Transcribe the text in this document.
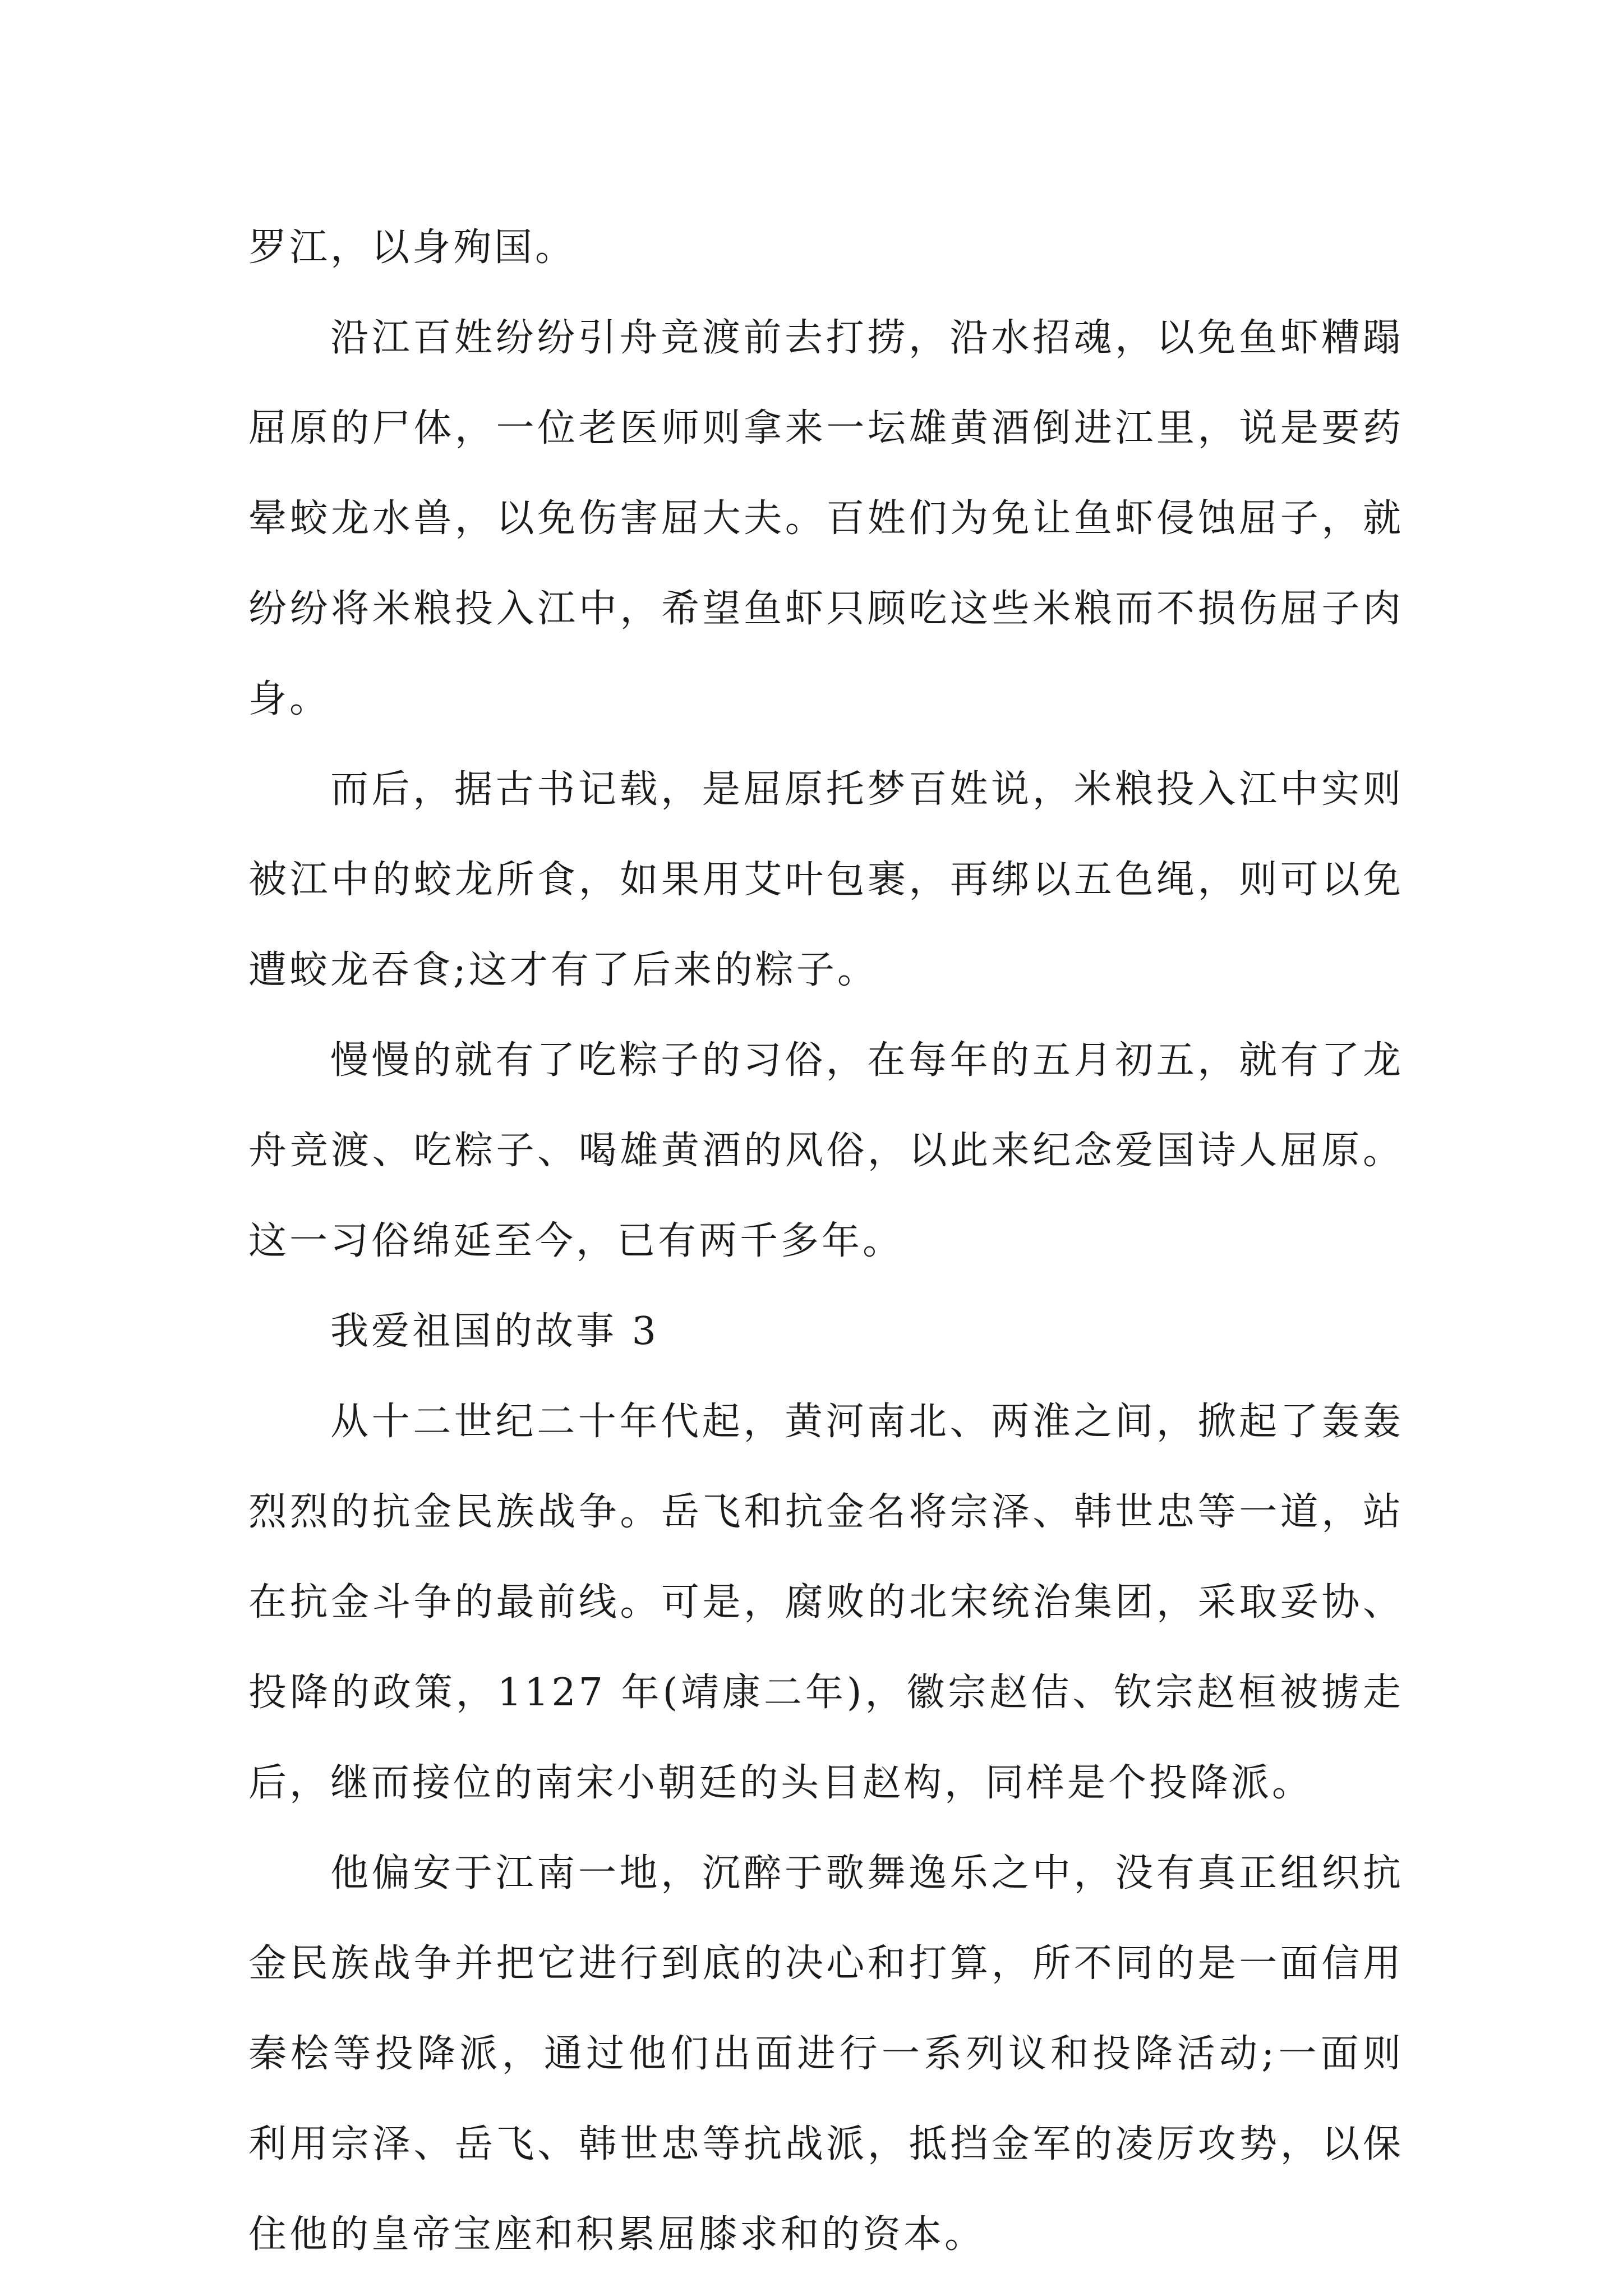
罗江，以身殉国。

沿江百姓纷纷引舟竞渡前去打捞，沿水招魂，以免鱼虾糟蹋屈原的尸体，一位老医师则拿来一坛雄黄酒倒进江里，说是要药晕蛟龙水兽，以免伤害屈大夫。百姓们为免让鱼虾侵蚀屈子，就纷纷将米粮投入江中，希望鱼虾只顾吃这些米粮而不损伤屈子肉身。

而后，据古书记载，是屈原托梦百姓说，米粮投入江中实则被江中的蛟龙所食，如果用艾叶包裹，再绑以五色绳，则可以免遭蛟龙吞食;这才有了后来的粽子。

慢慢的就有了吃粽子的习俗，在每年的五月初五，就有了龙舟竞渡、吃粽子、喝雄黄酒的风俗，以此来纪念爱国诗人屈原。这一习俗绵延至今，已有两千多年。

我爱祖国的故事 3

从十二世纪二十年代起，黄河南北、两淮之间，掀起了轰轰烈烈的抗金民族战争。岳飞和抗金名将宗泽、韩世忠等一道，站在抗金斗争的最前线。可是，腐败的北宋统治集团，采取妥协、投降的政策，1127 年(靖康二年)，徽宗赵佶、钦宗赵桓被掳走后，继而接位的南宋小朝廷的头目赵构，同样是个投降派。

他偏安于江南一地，沉醉于歌舞逸乐之中，没有真正组织抗金民族战争并把它进行到底的决心和打算，所不同的是一面信用秦桧等投降派，通过他们出面进行一系列议和投降活动;一面则利用宗泽、岳飞、韩世忠等抗战派，抵挡金军的凌厉攻势，以保住他的皇帝宝座和积累屈膝求和的资本。
